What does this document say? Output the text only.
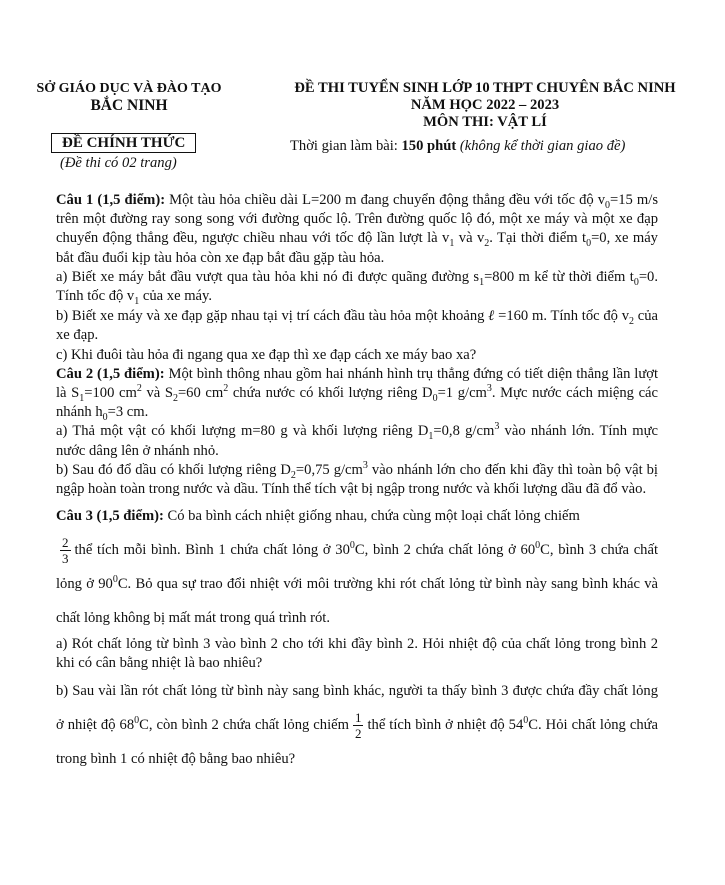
SỞ GIÁO DỤC VÀ ĐÀO TẠO
BẮC NINH
ĐỀ THI TUYỂN SINH LỚP 10 THPT CHUYÊN BẮC NINH
NĂM HỌC 2022 – 2023
MÔN THI: VẬT LÍ
ĐỀ CHÍNH THỨC
(Đề thi có 02 trang)
Thời gian làm bài: 150 phút (không kể thời gian giao đề)

Câu 1 (1,5 điểm): Một tàu hỏa chiều dài L=200 m đang chuyển động thẳng đều với tốc độ $v_0=15$ m/s trên một đường ray song song với đường quốc lộ. Trên đường quốc lộ đó, một xe máy và một xe đạp chuyển động thẳng đều, ngược chiều nhau với tốc độ lần lượt là $v_1$ và $v_2$. Tại thời điểm $t_0=0$, xe máy bắt đầu đuổi kịp tàu hỏa còn xe đạp bắt đầu gặp tàu hỏa.

a) Biết xe máy bắt đầu vượt qua tàu hỏa khi nó đi được quãng đường $s_1=800$ m kể từ thời điểm $t_0=0$. Tính tốc độ $v_1$ của xe máy.

b) Biết xe máy và xe đạp gặp nhau tại vị trí cách đầu tàu hỏa một khoảng ℓ =160 m. Tính tốc độ $v_2$ của xe đạp.

c) Khi đuôi tàu hỏa đi ngang qua xe đạp thì xe đạp cách xe máy bao xa?

Câu 2 (1,5 điểm): Một bình thông nhau gồm hai nhánh hình trụ thẳng đứng có tiết diện thẳng lần lượt là $S_1=100$ $cm^2$ và $S_2=60$ $cm^2$ chứa nước có khối lượng riêng $D_0=1$ $g/cm^3$. Mực nước cách miệng các nhánh $h_0=3$ cm.

a) Thả một vật có khối lượng m=80 g và khối lượng riêng $D_1=0,8$ $g/cm^3$ vào nhánh lớn. Tính mực nước dâng lên ở nhánh nhỏ.

b) Sau đó đổ dầu có khối lượng riêng $D_2=0,75$ $g/cm^3$ vào nhánh lớn cho đến khi đầy thì toàn bộ vật bị ngập hoàn toàn trong nước và dầu. Tính thể tích vật bị ngập trong nước và khối lượng dầu đã đổ vào.

Câu 3 (1,5 điểm): Có ba bình cách nhiệt giống nhau, chứa cùng một loại chất lỏng chiếm

$\frac{2}{3}$ thể tích mỗi bình. Bình 1 chứa chất lỏng ở $30^0C$, bình 2 chứa chất lỏng ở $60^0C$, bình 3 chứa chất lỏng ở $90^0C$. Bỏ qua sự trao đổi nhiệt với môi trường khi rót chất lỏng từ bình này sang bình khác và chất lỏng không bị mất mát trong quá trình rót.

a) Rót chất lỏng từ bình 3 vào bình 2 cho tới khi đầy bình 2. Hỏi nhiệt độ của chất lỏng trong bình 2 khi có cân bằng nhiệt là bao nhiêu?

b) Sau vài lần rót chất lỏng từ bình này sang bình khác, người ta thấy bình 3 được chứa đầy chất lỏng ở nhiệt độ $68^0C$, còn bình 2 chứa chất lỏng chiếm $\frac{1}{2}$ thể tích bình ở nhiệt độ $54^0C$. Hỏi chất lỏng chứa trong bình 1 có nhiệt độ bằng bao nhiêu?
